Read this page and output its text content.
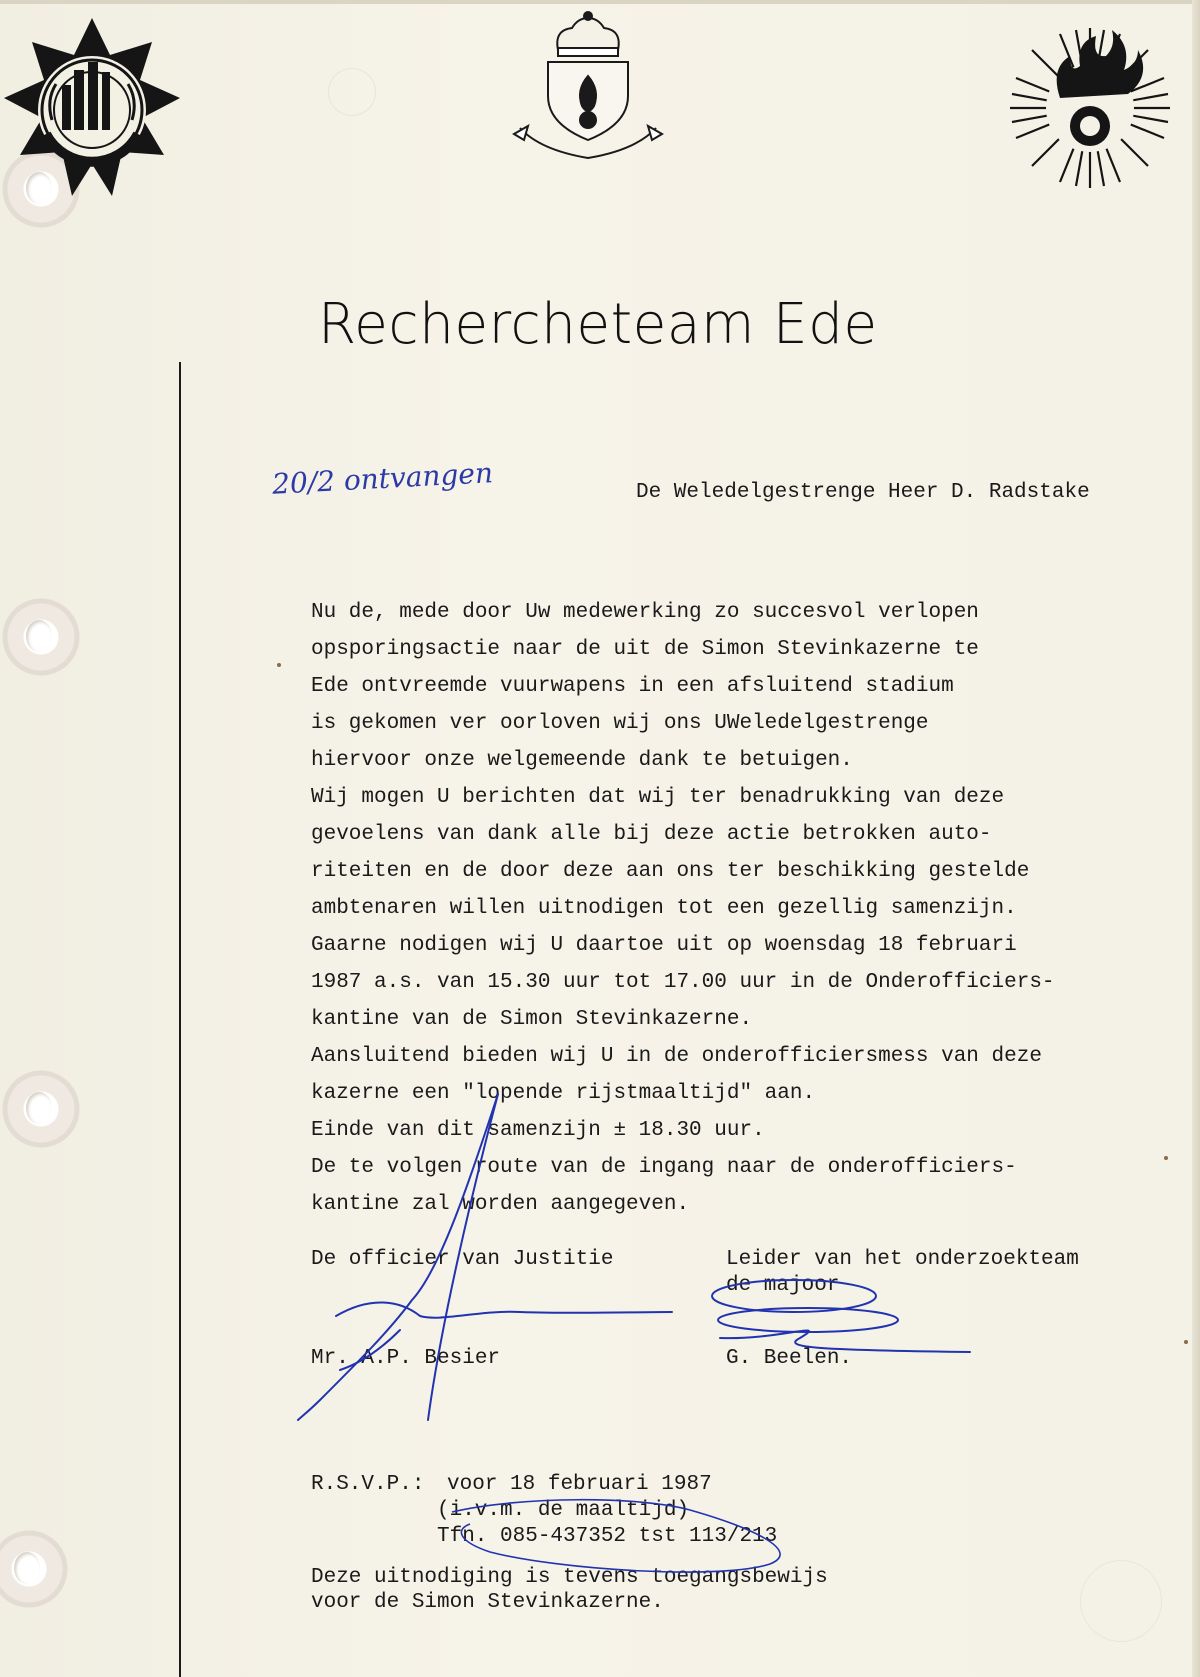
Rechercheteam Ede
20/2 ontvangen	De Weledelgestrenge Heer D. Radstake
Nu de, mede door Uw medewerking zo succesvol verlopen
opsporingsactie naar de uit de Simon Stevinkazerne te
Ede ontvreemde vuurwapens in een afsluitend stadium
is gekomen ver oorloven wij ons UWeledelgestrenge
hiervoor onze welgemeende dank te betuigen.
Wij mogen U berichten dat wij ter benadrukking van deze
gevoelens van dank alle bij deze actie betrokken auto-
riteiten en de door deze aan ons ter beschikking gestelde
ambtenaren willen uitnodigen tot een gezellig samenzijn.
Gaarne nodigen wij U daartoe uit op woensdag 18 februari
1987 a.s. van 15.30 uur tot 17.00 uur in de Onderofficiers-
kantine van de Simon Stevinkazerne.
Aansluitend bieden wij U in de onderofficiersmess van deze
kazerne een "lopende rijstmaaltijd" aan.
Einde van dit samenzijn ± 18.30 uur.
De te volgen route van de ingang naar de onderofficiers-
kantine zal worden aangegeven.
De officier van Justitie
Mr. A.P. Besier
Leider van het onderzoekteam
de majoor
G. Beelen.
R.S.V.P.: voor 18 februari 1987
(i.v.m. de maaltijd)
Tfn. 085-437352 tst 113/213
Deze uitnodiging is tevens toegangsbewijs
voor de Simon Stevinkazerne.
